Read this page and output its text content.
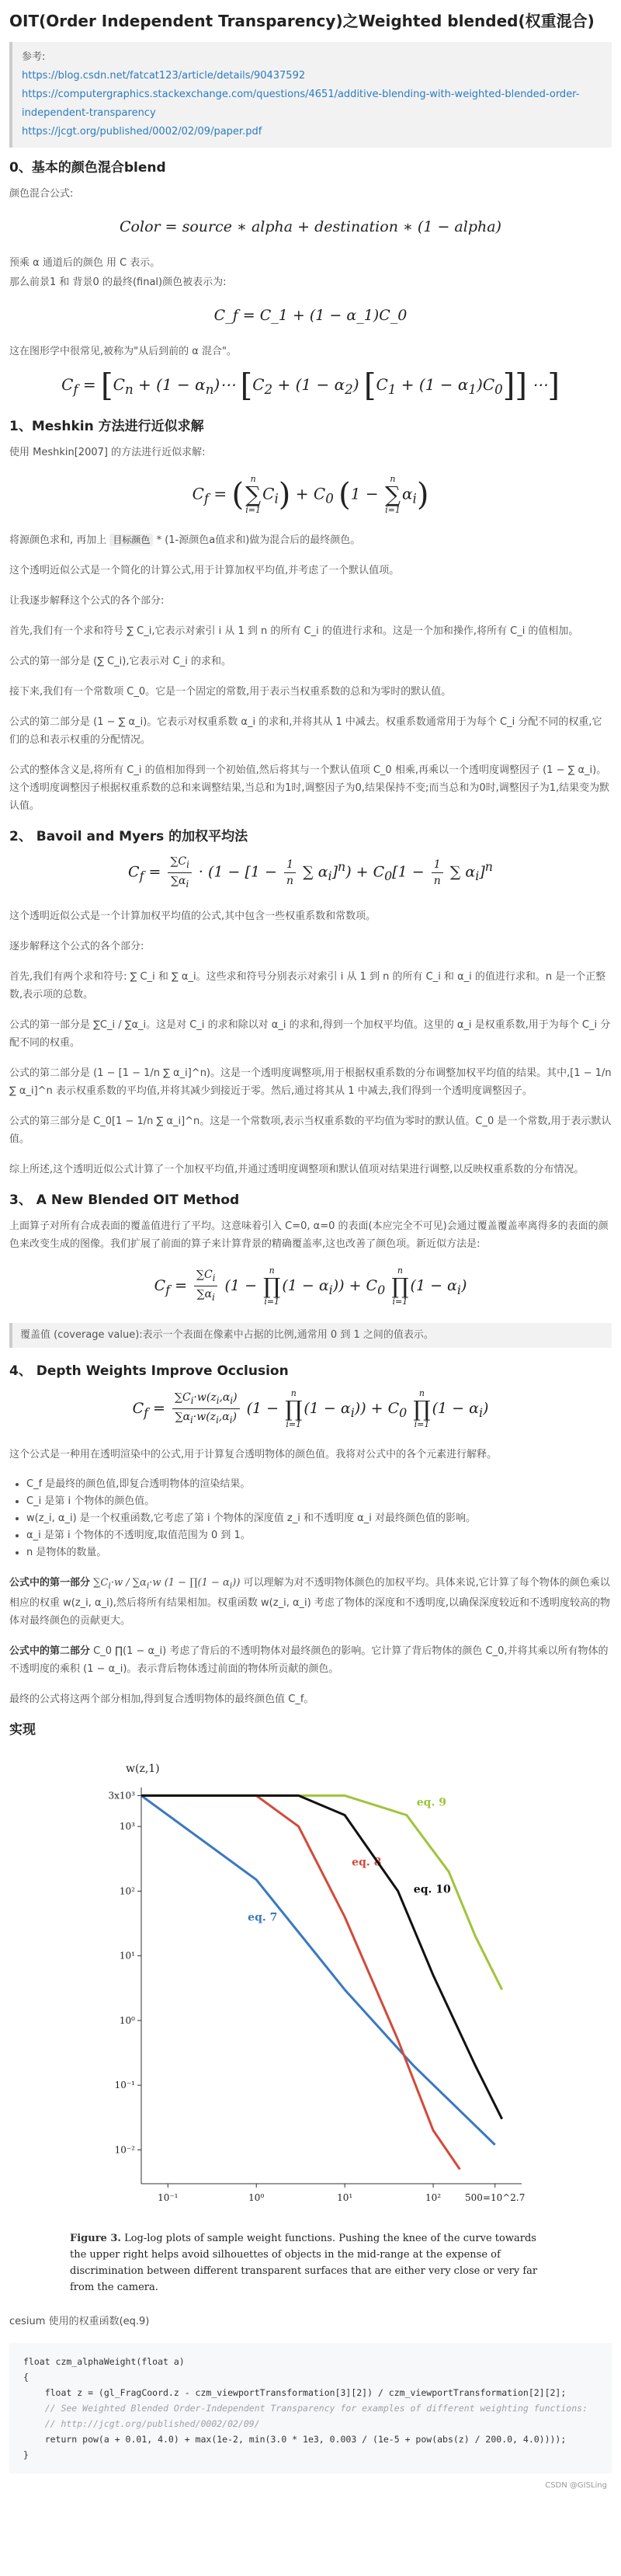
OIT(Order Independent Transparency)之Weighted blended(权重混合)
参考:
https://blog.csdn.net/fatcat123/article/details/90437592
https://computergraphics.stackexchange.com/questions/4651/additive-blending-with-weighted-blended-order-independent-transparency
https://jcgt.org/published/0002/02/09/paper.pdf
0、基本的颜色混合blend

颜色混合公式:

Color = source ∗ alpha + destination ∗ (1 − alpha)

预乘 α 通道后的颜色 用 C 表示。

那么前景1 和 背景0 的最终(final)颜色被表示为:

C_f = C_1 + (1 − α_1)C_0

这在图形学中很常见,被称为"从后到前的 α 混合"。

$C_f = [C_n + (1$ − $\alpha_n)\cdots$ $[C_2 + (1 - \alpha_2) [C_1 + (1 - \alpha_1)C_0]]$ ⋯]
1、Meshkin 方法进行近似求解

使用 Meshkin[2007] 的方法进行近似求解:

$C_f$ = ( n
∑
i=1
$C_i) + C_0$ (1 −
n
∑
i=1
$\alpha_i$)

将源颜色求和, 再加上 目标颜色 * (1-源颜色a值求和)做为混合后的最终颜色。

这个透明近似公式是一个简化的计算公式,用于计算加权平均值,并考虑了一个默认值项。

让我逐步解释这个公式的各个部分:

首先,我们有一个求和符号 ∑ C_i,它表示对索引 i 从 1 到 n 的所有 C_i 的值进行求和。这是一个加和操作,将所有 C_i 的值相加。

公式的第一部分是 (∑ C_i),它表示对 C_i 的求和。

接下来,我们有一个常数项 C_0。它是一个固定的常数,用于表示当权重系数的总和为零时的默认值。

公式的第二部分是 (1 − ∑ α_i)。它表示对权重系数 α_i 的求和,并将其从 1 中减去。权重系数通常用于为每个 C_i 分配不同的权重,它们的总和表示权重的分配情况。

公式的整体含义是,将所有 C_i 的值相加得到一个初始值,然后将其与一个默认值项 C_0 相乘,再乘以一个透明度调整因子 (1 − ∑ α_i)。这个透明度调整因子根据权重系数的总和来调整结果,当总和为1时,调整因子为0,结果保持不变;而当总和为0时,调整因子为1,结果变为默认值。

2、 Bavoil and Myers 的加权平均法
$C_f = \frac{\sum C_i}{\sum\alpha_i} \cdot (1 - [1 - \frac{1}{n}$ ∑ $\alpha_i]^n) + C_0[1 - \frac{1}{n}$ ∑ $\alpha_i]^n$

这个透明近似公式是一个计算加权平均值的公式,其中包含一些权重系数和常数项。

逐步解释这个公式的各个部分:

首先,我们有两个求和符号: ∑ C_i 和 ∑ α_i。这些求和符号分别表示对索引 i 从 1 到 n 的所有 C_i 和 α_i 的值进行求和。n 是一个正整数,表示项的总数。

公式的第一部分是 ∑C_i / ∑α_i。这是对 C_i 的求和除以对 α_i 的求和,得到一个加权平均值。这里的 α_i 是权重系数,用于为每个 C_i 分配不同的权重。

公式的第二部分是 (1 − [1 − 1/n ∑ α_i]^n)。这是一个透明度调整项,用于根据权重系数的分布调整加权平均值的结果。其中,[1 − 1/n ∑ α_i]^n 表示权重系数的平均值,并将其减少到接近于零。然后,通过将其从 1 中减去,我们得到一个透明度调整因子。

公式的第三部分是 C_0[1 − 1/n ∑ α_i]^n。这是一个常数项,表示当权重系数的平均值为零时的默认值。C_0 是一个常数,用于表示默认值。

综上所述,这个透明近似公式计算了一个加权平均值,并通过透明度调整项和默认值项对结果进行调整,以反映权重系数的分布情况。

3、 A New Blended OIT Method

上面算子对所有合成表面的覆盖值进行了平均。这意味着引入 C=0, α=0 的表面(本应完全不可见)会通过覆盖覆盖率离得多的表面的颜色来改变生成的图像。我们扩展了前面的算子来计算背景的精确覆盖率,这也改善了颜色项。新近似方法是:

$C_f = \frac{\sum C_i}{\sum\alpha_i} (1$ −
n
∏
i=1
$(1 - \alpha_i)) + C_0$
n
∏
i=1
$(1 - \alpha_i)$
覆盖值 (coverage value):表示一个表面在像素中占据的比例,通常用 0 到 1 之间的值表示。
4、 Depth Weights Improve Occlusion
$C_f = \frac{\sum C_i\cdot w(z_i,\alpha_i)}{\sum\alpha_i\cdot w(z_i,\alpha_i)} (1$ −
n
∏
i=1
$(1 - \alpha_i)) + C_0$
n
∏
i=1
$(1 - \alpha_i)$

这个公式是一种用在透明渲染中的公式,用于计算复合透明物体的颜色值。我将对公式中的各个元素进行解释。

• C_f 是最终的颜色值,即复合透明物体的渲染结果。
• C_i 是第 i 个物体的颜色值。
• w(z_i, α_i) 是一个权重函数,它考虑了第 i 个物体的深度值 z_i 和不透明度 α_i 对最终颜色值的影响。
• α_i 是第 i 个物体的不透明度,取值范围为 0 到 1。
• n 是物体的数量。

公式中的第一部分 $\sum C_i\cdot w / \sum\alpha_i\cdot w$ (1 − ∏(1 − $\alpha_i$)) 可以理解为对不透明物体颜色的加权平均。具体来说,它计算了每个物体的颜色乘以相应的权重 w(z_i, α_i),然后将所有结果相加。权重函数 w(z_i, α_i) 考虑了物体的深度和不透明度,以确保深度较近和不透明度较高的物体对最终颜色的贡献更大。

公式中的第二部分 C_0 ∏(1 − α_i) 考虑了背后的不透明物体对最终颜色的影响。它计算了背后物体的颜色 C_0,并将其乘以所有物体的不透明度的乘积 (1 − α_i)。表示背后物体透过前面的物体所贡献的颜色。

最终的公式将这两个部分相加,得到复合透明物体的最终颜色值 C_f。

实现
w(z,1)
3x10³
10³
10²
10¹
10⁰
10⁻¹
10⁻²
10⁻¹	10⁰	10¹	10²	500=10^2.7
eq. 7
eq. 8
eq. 9
eq. 10
Figure 3. Log-log plots of sample weight functions. Pushing the knee of the curve towards the upper right helps avoid silhouettes of objects in the mid-range at the expense of discrimination between different transparent surfaces that are either very close or very far from the camera.

cesium 使用的权重函数(eq.9)

float czm_alphaWeight(float a)
{
float z = (gl_FragCoord.z - czm_viewportTransformation[3][2]) / czm_viewportTransformation[2][2];
// See Weighted Blended Order-Independent Transparency for examples of different weighting functions:
// http://jcgt.org/published/0002/02/09/
return pow(a + 0.01, 4.0) + max(1e-2, min(3.0 * 1e3, 0.003 / (1e-5 + pow(abs(z) / 200.0, 4.0))));
}
CSDN @GISLing
